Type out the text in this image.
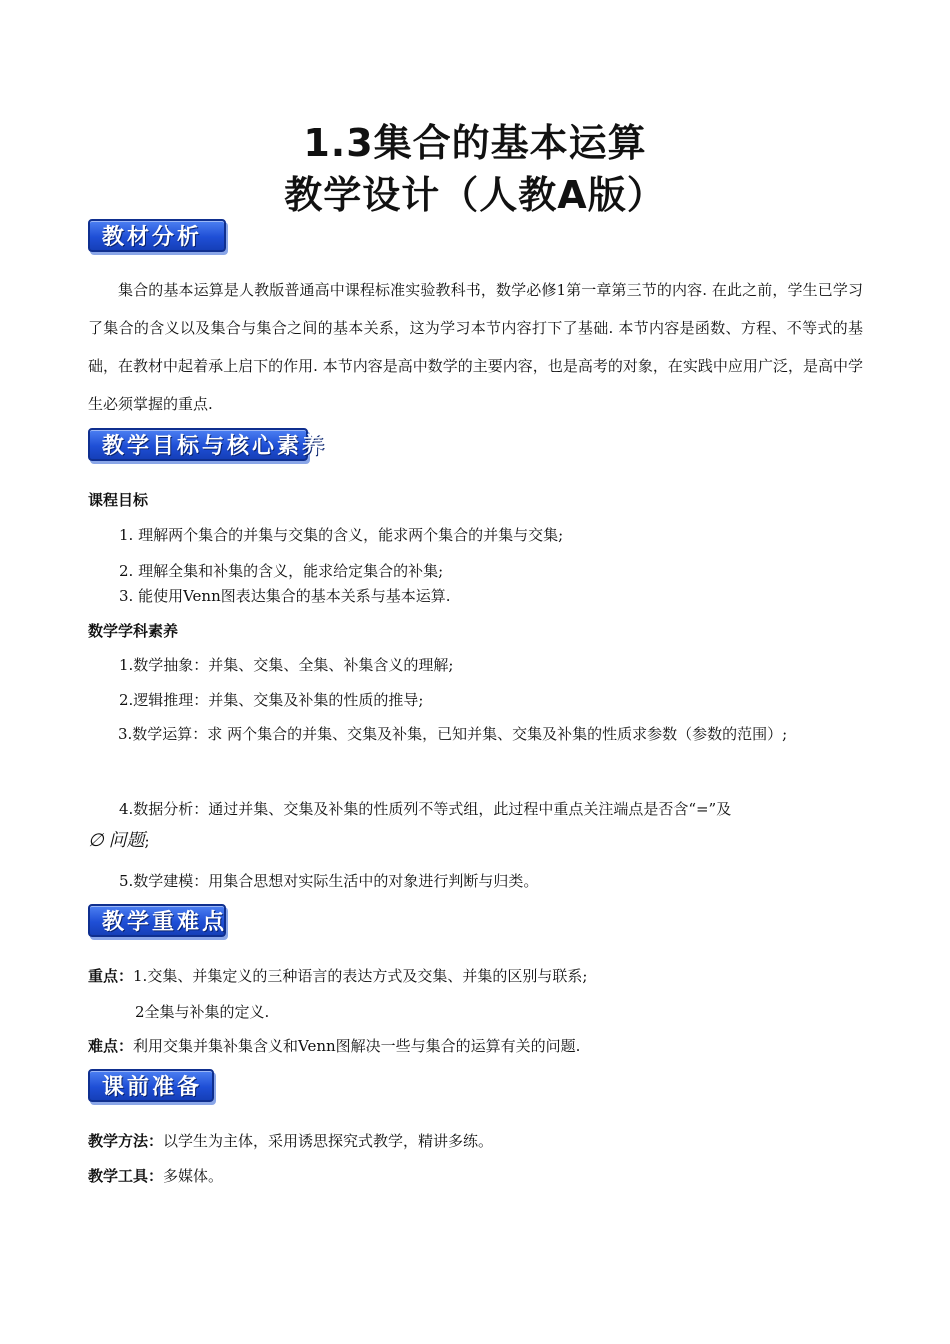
1.3集合的基本运算
教学设计（人教A版）
教材分析
集合的基本运算是人教版普通高中课程标准实验教科书，数学必修1第一章第三节的内容. 在此之前，学生已学习了集合的含义以及集合与集合之间的基本关系，这为学习本节内容打下了基础. 本节内容是函数、方程、不等式的基础，在教材中起着承上启下的作用. 本节内容是高中数学的主要内容，也是高考的对象，在实践中应用广泛，是高中学生必须掌握的重点.
教学目标与核心素养
课程目标
1. 理解两个集合的并集与交集的含义，能求两个集合的并集与交集;
2. 理解全集和补集的含义，能求给定集合的补集;
3. 能使用Venn图表达集合的基本关系与基本运算.
数学学科素养
1.数学抽象：并集、交集、全集、补集含义的理解;
2.逻辑推理：并集、交集及补集的性质的推导;
3.数学运算：求 两个集合的并集、交集及补集，已知并集、交集及补集的性质求参数（参数的范围）;
4.数据分析：通过并集、交集及补集的性质列不等式组，此过程中重点关注端点是否含“=”及
∅ 问题;
5.数学建模：用集合思想对实际生活中的对象进行判断与归类。
教学重难点
重点：1.交集、并集定义的三种语言的表达方式及交集、并集的区别与联系;
2全集与补集的定义.
难点：利用交集并集补集含义和Venn图解决一些与集合的运算有关的问题.
课前准备
教学方法：以学生为主体，采用诱思探究式教学，精讲多练。
教学工具：多媒体。
